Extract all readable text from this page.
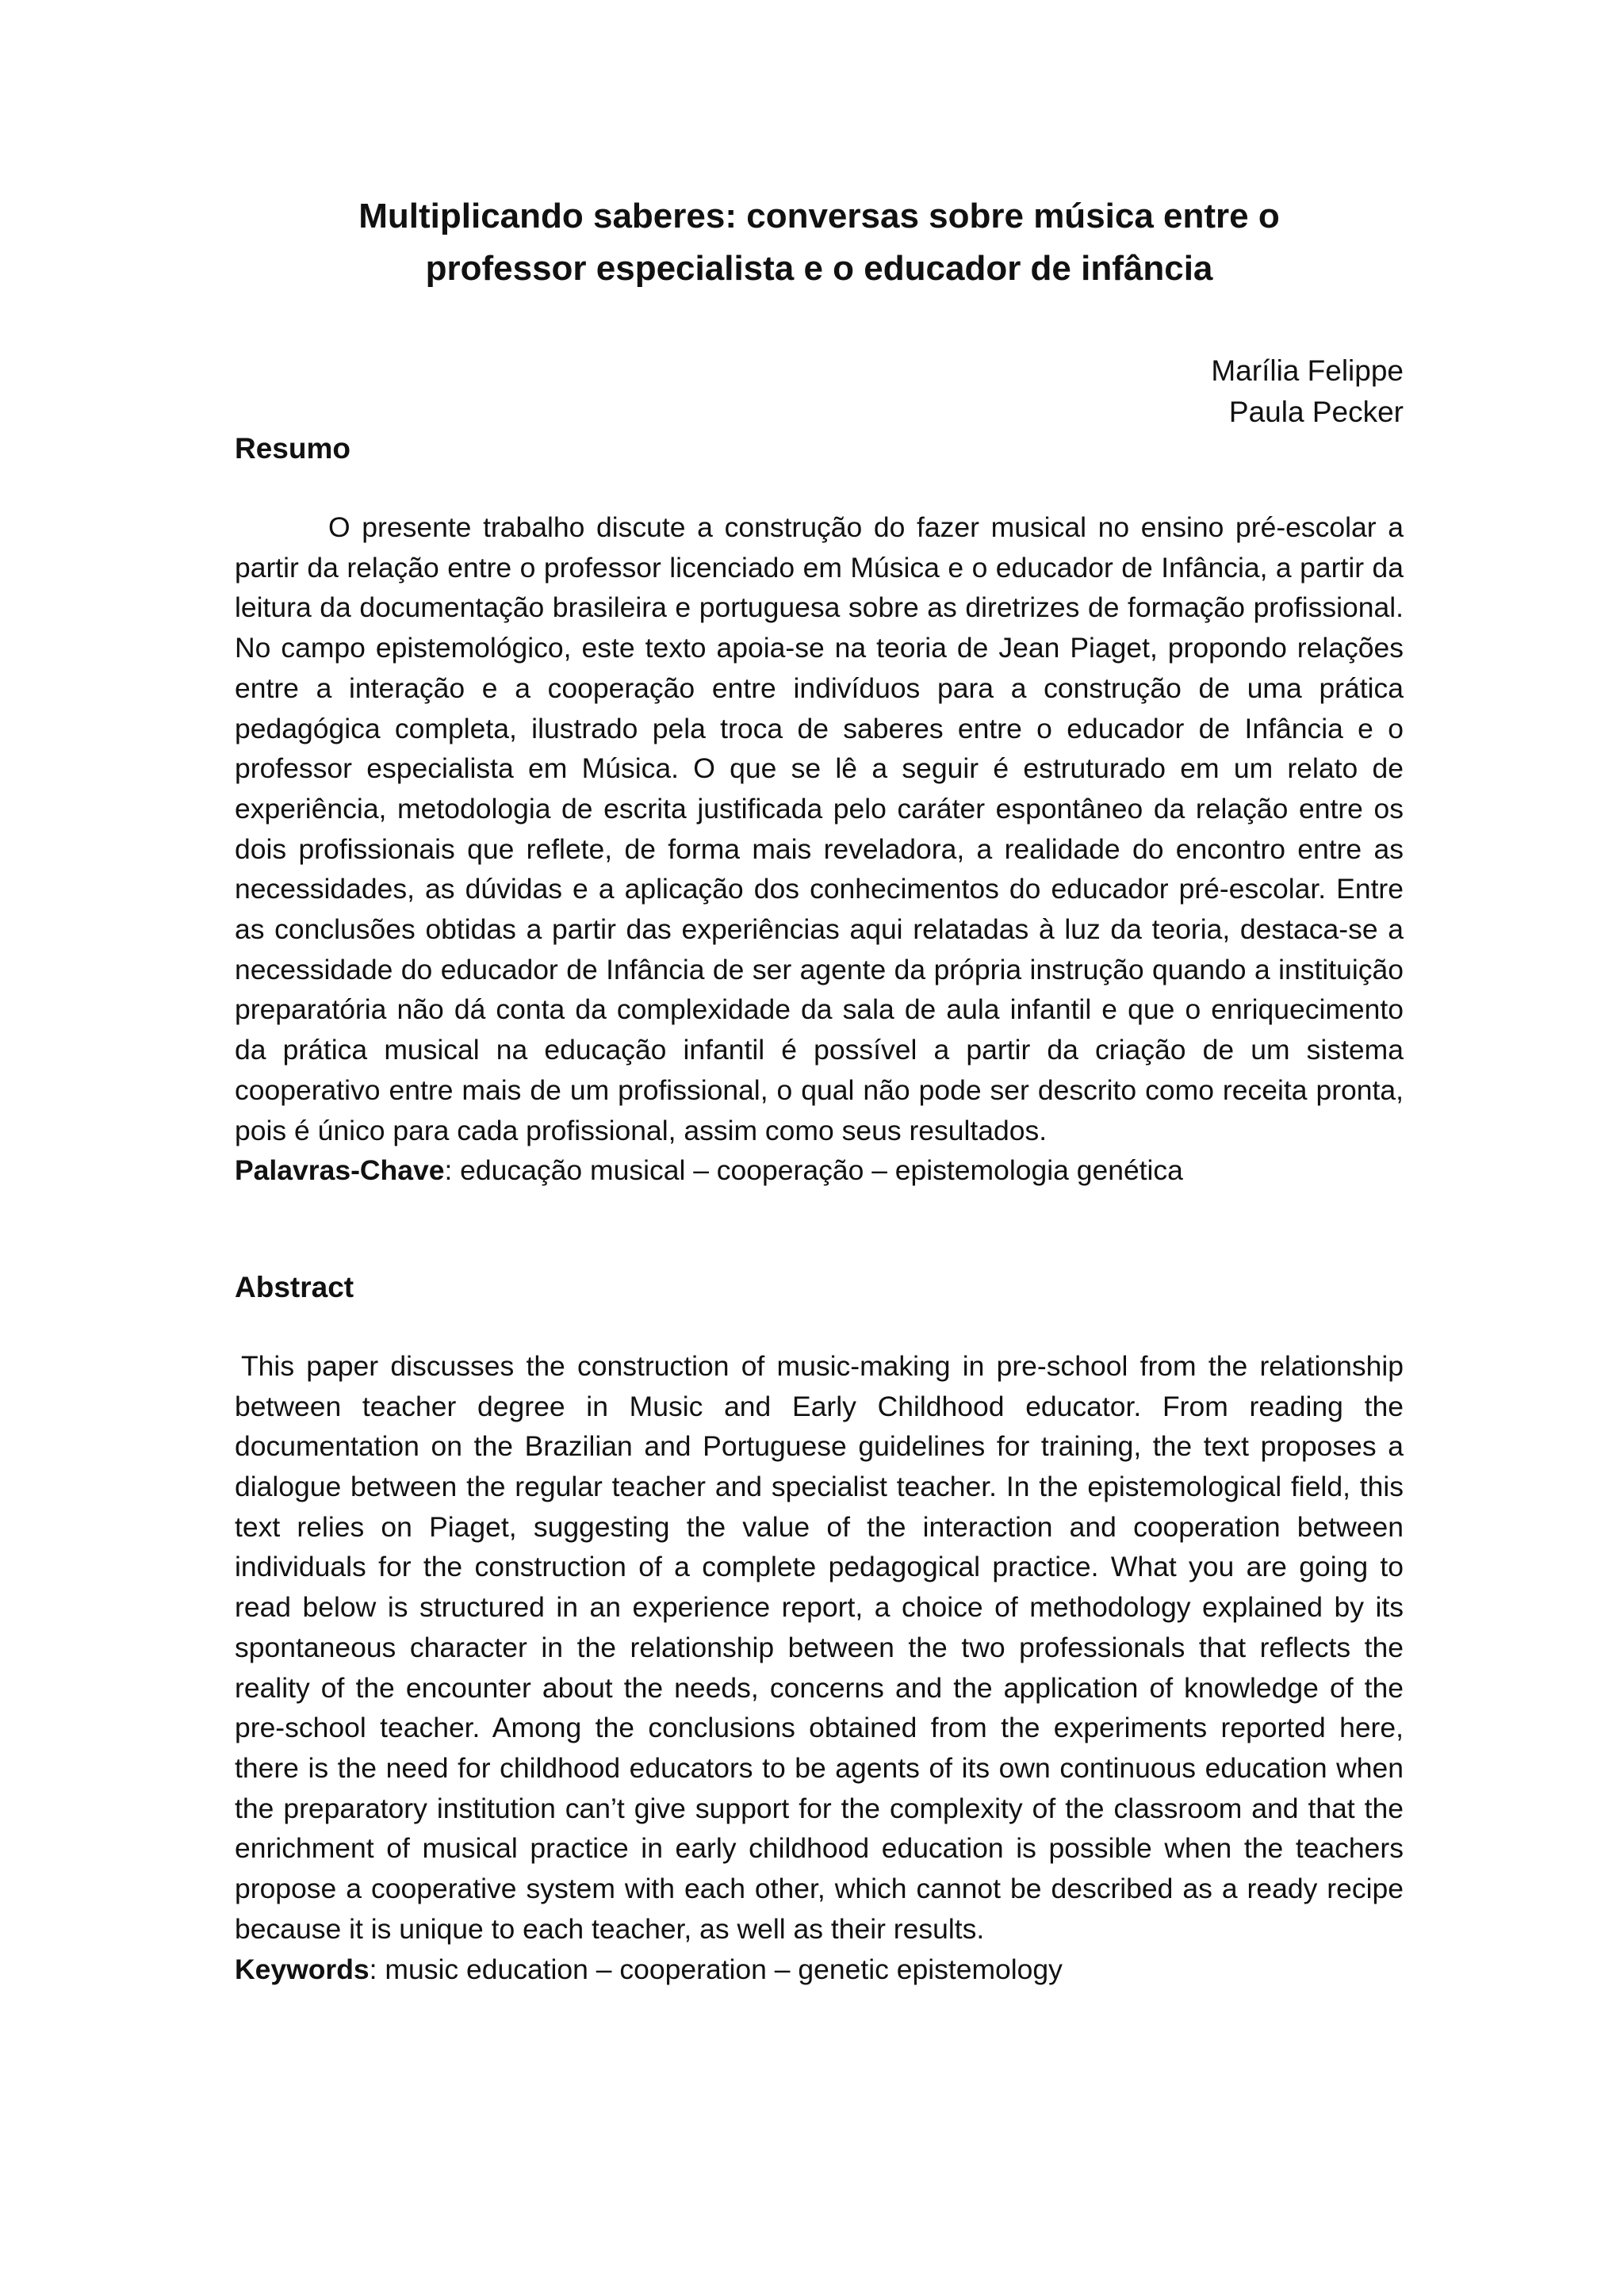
Multiplicando saberes: conversas sobre música entre o professor especialista e o educador de infância
Marília Felippe
Paula Pecker
Resumo

O presente trabalho discute a construção do fazer musical no ensino pré-escolar a partir da relação entre o professor licenciado em Música e o educador de Infância, a partir da leitura da documentação brasileira e portuguesa sobre as diretrizes de formação profissional. No campo epistemológico, este texto apoia-se na teoria de Jean Piaget, propondo relações entre a interação e a cooperação entre indivíduos para a construção de uma prática pedagógica completa, ilustrado pela troca de saberes entre o educador de Infância e o professor especialista em Música. O que se lê a seguir é estruturado em um relato de experiência, metodologia de escrita justificada pelo caráter espontâneo da relação entre os dois profissionais que reflete, de forma mais reveladora, a realidade do encontro entre as necessidades, as dúvidas e a aplicação dos conhecimentos do educador pré-escolar. Entre as conclusões obtidas a partir das experiências aqui relatadas à luz da teoria, destaca-se a necessidade do educador de Infância de ser agente da própria instrução quando a instituição preparatória não dá conta da complexidade da sala de aula infantil e que o enriquecimento da prática musical na educação infantil é possível a partir da criação de um sistema cooperativo entre mais de um profissional, o qual não pode ser descrito como receita pronta, pois é único para cada profissional, assim como seus resultados.

Palavras-Chave: educação musical – cooperação – epistemologia genética

Abstract

This paper discusses the construction of music-making in pre-school from the relationship between teacher degree in Music and Early Childhood educator. From reading the documentation on the Brazilian and Portuguese guidelines for training, the text proposes a dialogue between the regular teacher and specialist teacher. In the epistemological field, this text relies on Piaget, suggesting the value of the interaction and cooperation between individuals for the construction of a complete pedagogical practice. What you are going to read below is structured in an experience report, a choice of methodology explained by its spontaneous character in the relationship between the two professionals that reflects the reality of the encounter about the needs, concerns and the application of knowledge of the pre-school teacher. Among the conclusions obtained from the experiments reported here, there is the need for childhood educators to be agents of its own continuous education when the preparatory institution can’t give support for the complexity of the classroom and that the enrichment of musical practice in early childhood education is possible when the teachers propose a cooperative system with each other, which cannot be described as a ready recipe because it is unique to each teacher, as well as their results.

Keywords: music education – cooperation – genetic epistemology
